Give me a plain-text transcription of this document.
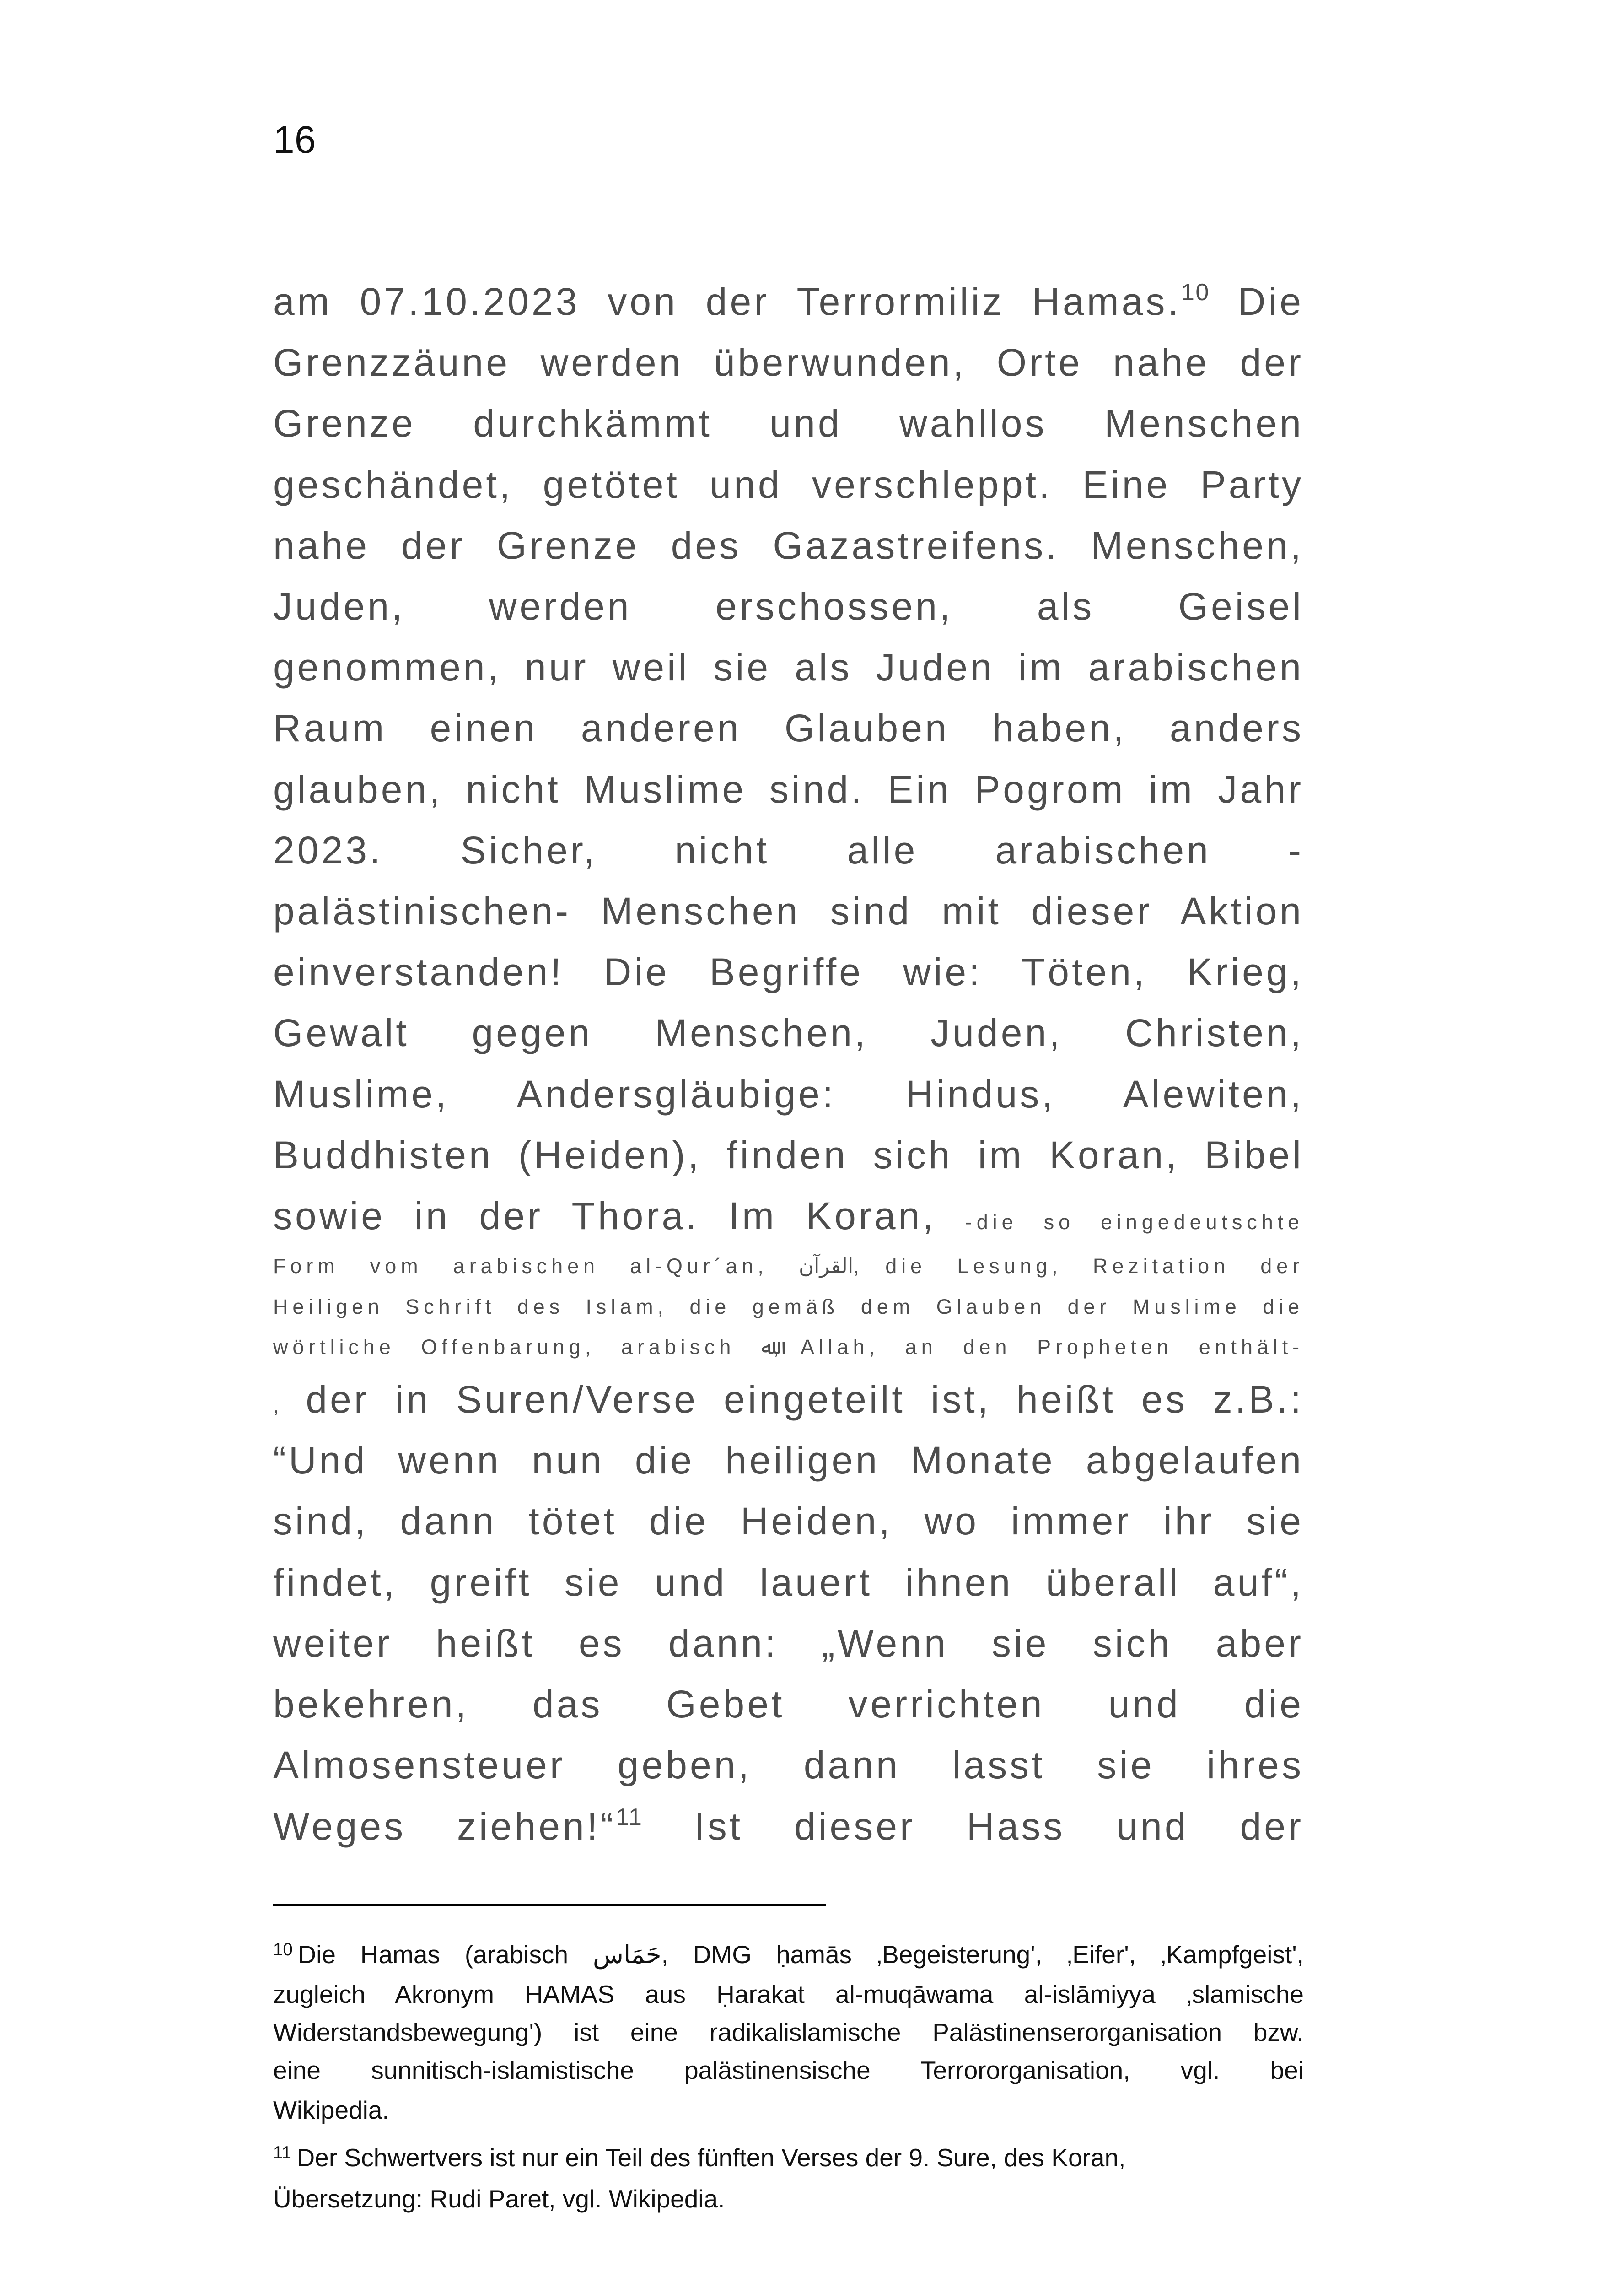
16
am 07.10.2023 von der Terrormiliz Hamas.$^{10}$ Die
Grenzzäune werden überwunden, Orte nahe der
Grenze durchkämmt und wahllos Menschen
geschändet, getötet und verschleppt. Eine Party
nahe der Grenze des Gazastreifens. Menschen,
Juden, werden erschossen, als Geisel
genommen, nur weil sie als Juden im arabischen
Raum einen anderen Glauben haben, anders
glauben, nicht Muslime sind. Ein Pogrom im Jahr
2023. Sicher, nicht alle arabischen -
palästinischen- Menschen sind mit dieser Aktion
einverstanden! Die Begriffe wie: Töten, Krieg,
Gewalt gegen Menschen, Juden, Christen,
Muslime, Andersgläubige: Hindus, Alewiten,
Buddhisten (Heiden), finden sich im Koran, Bibel
sowie in der Thora. Im Koran, -die so eingedeutschte
Form vom arabischen al-Qur´an, القرآن, die Lesung, Rezitation der
Heiligen Schrift des Islam, die gemäß dem Glauben der Muslime die
wörtliche Offenbarung, arabisch ﷲ, Allah, an den Propheten enthält-
, der in Suren/Verse eingeteilt ist, heißt es z.B.:
“Und wenn nun die heiligen Monate abgelaufen
sind, dann tötet die Heiden, wo immer ihr sie
findet, greift sie und lauert ihnen überall auf“,
weiter heißt es dann: „Wenn sie sich aber
bekehren, das Gebet verrichten und die
Almosensteuer geben, dann lasst sie ihres
Weges ziehen!“$^{11}$ Ist dieser Hass und der
$^{10}$ Die Hamas (arabisch حَمَاس, DMG ḥamās ‚Begeisterung', ‚Eifer', ‚Kampfgeist',
zugleich Akronym HAMAS aus Ḥarakat al-muqāwama al-islāmiyya ‚slamische
Widerstandsbewegung') ist eine radikalislamische Palästinenserorganisation bzw.
eine sunnitisch-islamistische palästinensische Terrororganisation, vgl. bei
Wikipedia.
$^{11}$ Der Schwertvers ist nur ein Teil des fünften Verses der 9. Sure, des Koran,
Übersetzung: Rudi Paret, vgl. Wikipedia.
